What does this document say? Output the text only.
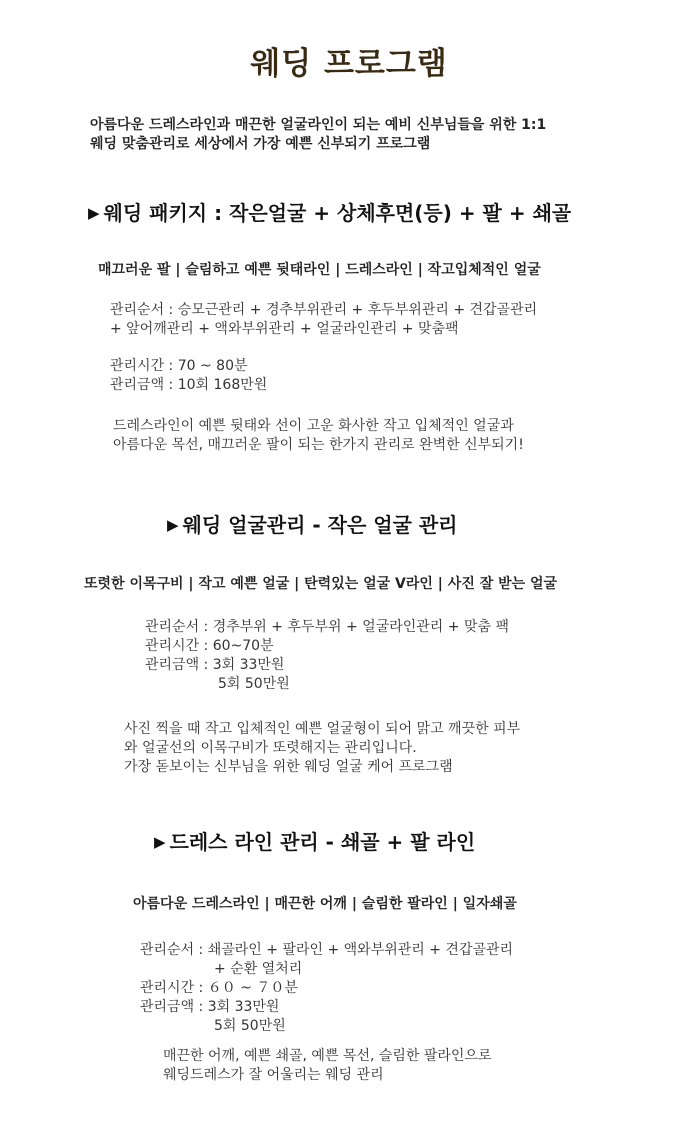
웨딩 프로그램
아름다운 드레스라인과 매끈한 얼굴라인이 되는 예비 신부님들을 위한 1:1
웨딩 맞춤관리로 세상에서 가장 예쁜 신부되기 프로그램
▶ 웨딩 패키지 : 작은얼굴 + 상체후면(등) + 팔 + 쇄골
매끄러운 팔 | 슬림하고 예쁜 뒷태라인 | 드레스라인 | 작고입체적인 얼굴
관리순서 : 승모근관리 + 경추부위관리 + 후두부위관리 + 견갑골관리
+ 앞어깨관리 + 액와부위관리 + 얼굴라인관리 + 맞춤팩
관리시간 : 70 ~ 80분
관리금액 : 10회 168만원
드레스라인이 예쁜 뒷태와 선이 고운 화사한 작고 입체적인 얼굴과
아름다운 목선, 매끄러운 팔이 되는 한가지 관리로 완벽한 신부되기!
▶ 웨딩 얼굴관리 - 작은 얼굴 관리
또렷한 이목구비 | 작고 예쁜 얼굴 | 탄력있는 얼굴 V라인 | 사진 잘 받는 얼굴
관리순서 : 경추부위 + 후두부위 + 얼굴라인관리 + 맞춤 팩
관리시간 : 60~70분
관리금액 : 3회 33만원
5회 50만원
사진 찍을 때 작고 입체적인 예쁜 얼굴형이 되어 맑고 깨끗한 피부
와 얼굴선의 이목구비가 또렷해지는 관리입니다.
가장 돋보이는 신부님을 위한 웨딩 얼굴 케어 프로그램
▶ 드레스 라인 관리 - 쇄골 + 팔 라인
아름다운 드레스라인 | 매끈한 어깨 | 슬림한 팔라인 | 일자쇄골
관리순서 : 쇄골라인 + 팔라인 + 액와부위관리 + 견갑골관리
+ 순환 열처리
관리시간 : ６０ ~ ７０분
관리금액 : 3회 33만원
5회 50만원
매끈한 어깨, 예쁜 쇄골, 예쁜 목선, 슬림한 팔라인으로
웨딩드레스가 잘 어울리는 웨딩 관리
